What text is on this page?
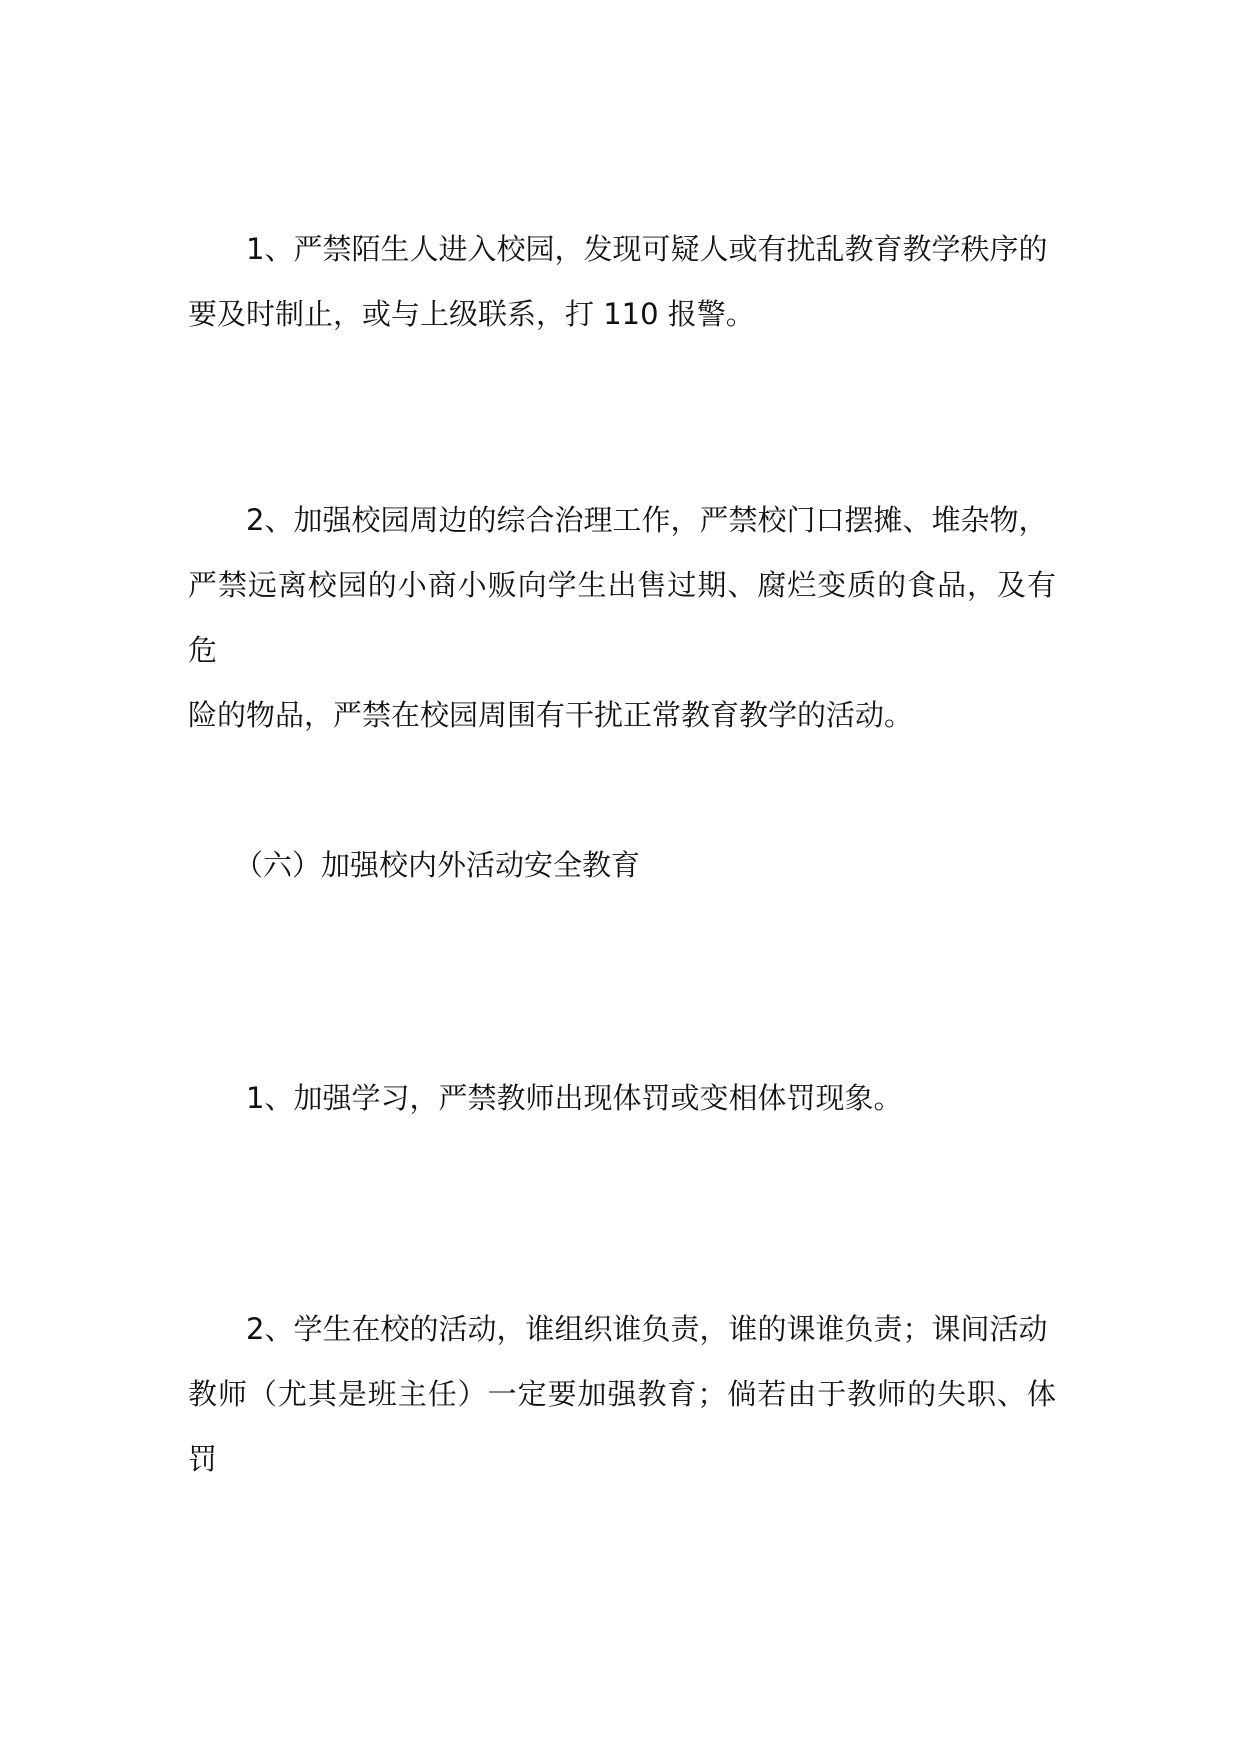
1、严禁陌生人进入校园，发现可疑人或有扰乱教育教学秩序的
要及时制止，或与上级联系，打 110 报警。

2、加强校园周边的综合治理工作，严禁校门口摆摊、堆杂物，
严禁远离校园的小商小贩向学生出售过期、腐烂变质的食品，及有危
险的物品，严禁在校园周围有干扰正常教育教学的活动。

（六）加强校内外活动安全教育

1、加强学习，严禁教师出现体罚或变相体罚现象。

2、学生在校的活动，谁组织谁负责，谁的课谁负责；课间活动
教师（尤其是班主任）一定要加强教育；倘若由于教师的失职、体罚
